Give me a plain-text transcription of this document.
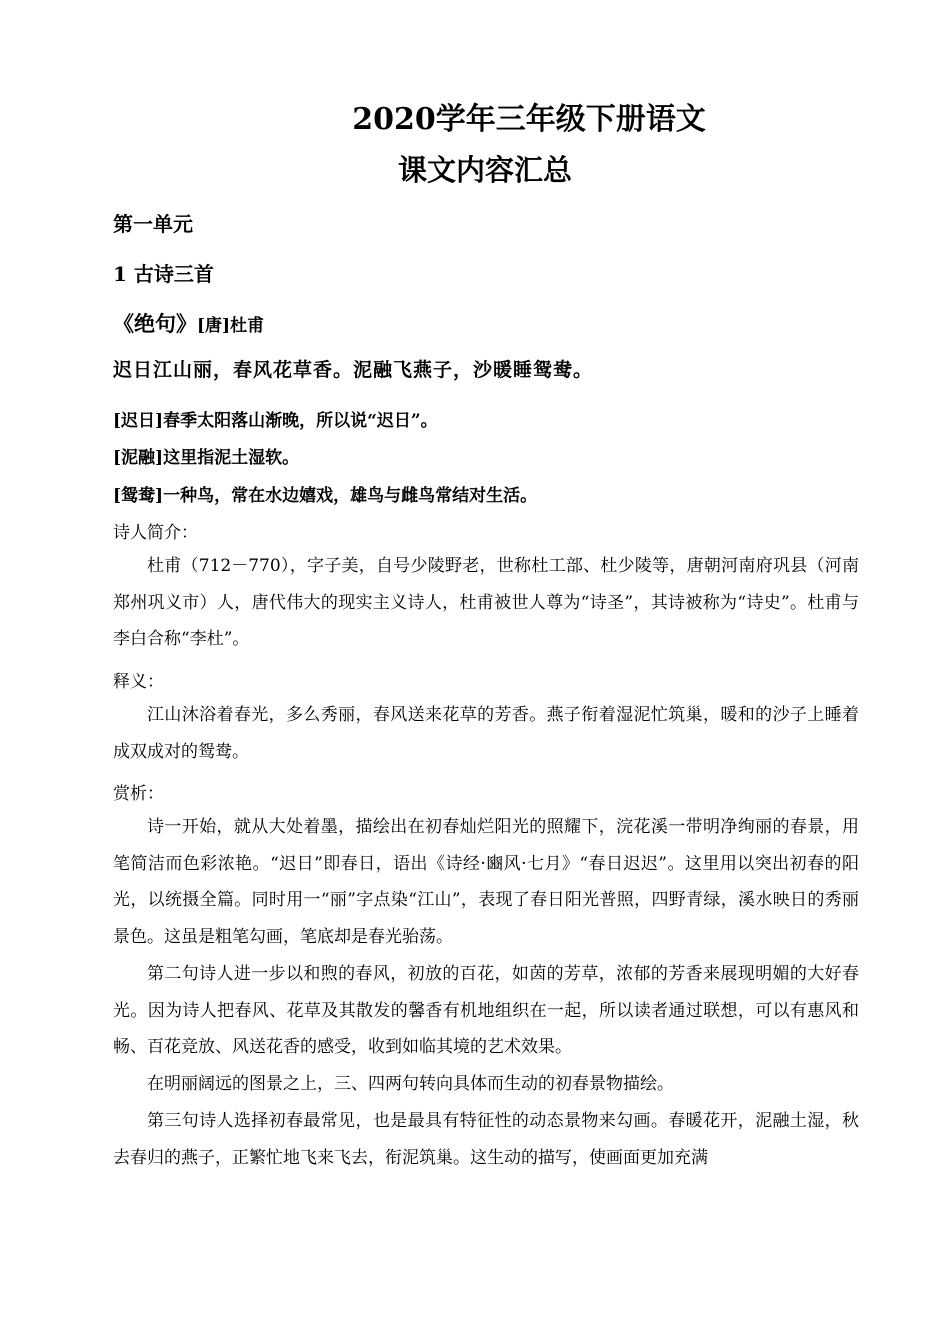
2020学年三年级下册语文
课文内容汇总
第一单元
1 古诗三首
《绝句》[唐]杜甫
迟日江山丽，春风花草香。泥融飞燕子，沙暖睡鸳鸯。
[迟日]春季太阳落山渐晚，所以说“迟日”。
[泥融]这里指泥土湿软。
[鸳鸯]一种鸟，常在水边嬉戏，雄鸟与雌鸟常结对生活。
诗人简介：

杜甫（712－770），字子美，自号少陵野老，世称杜工部、杜少陵等，唐朝河南府巩县（河南郑州巩义市）人，唐代伟大的现实主义诗人，杜甫被世人尊为“诗圣”，其诗被称为“诗史”。杜甫与李白合称“李杜”。

释义：

江山沐浴着春光，多么秀丽，春风送来花草的芳香。燕子衔着湿泥忙筑巢，暖和的沙子上睡着成双成对的鸳鸯。

赏析：

诗一开始，就从大处着墨，描绘出在初春灿烂阳光的照耀下，浣花溪一带明净绚丽的春景，用笔简洁而色彩浓艳。“迟日”即春日，语出《诗经·豳风·七月》“春日迟迟”。这里用以突出初春的阳光，以统摄全篇。同时用一“丽”字点染“江山”，表现了春日阳光普照，四野青绿，溪水映日的秀丽景色。这虽是粗笔勾画，笔底却是春光骀荡。

第二句诗人进一步以和煦的春风，初放的百花，如茵的芳草，浓郁的芳香来展现明媚的大好春光。因为诗人把春风、花草及其散发的馨香有机地组织在一起，所以读者通过联想，可以有惠风和畅、百花竞放、风送花香的感受，收到如临其境的艺术效果。

在明丽阔远的图景之上，三、四两句转向具体而生动的初春景物描绘。

第三句诗人选择初春最常见，也是最具有特征性的动态景物来勾画。春暖花开，泥融土湿，秋去春归的燕子，正繁忙地飞来飞去，衔泥筑巢。这生动的描写，使画面更加充满
